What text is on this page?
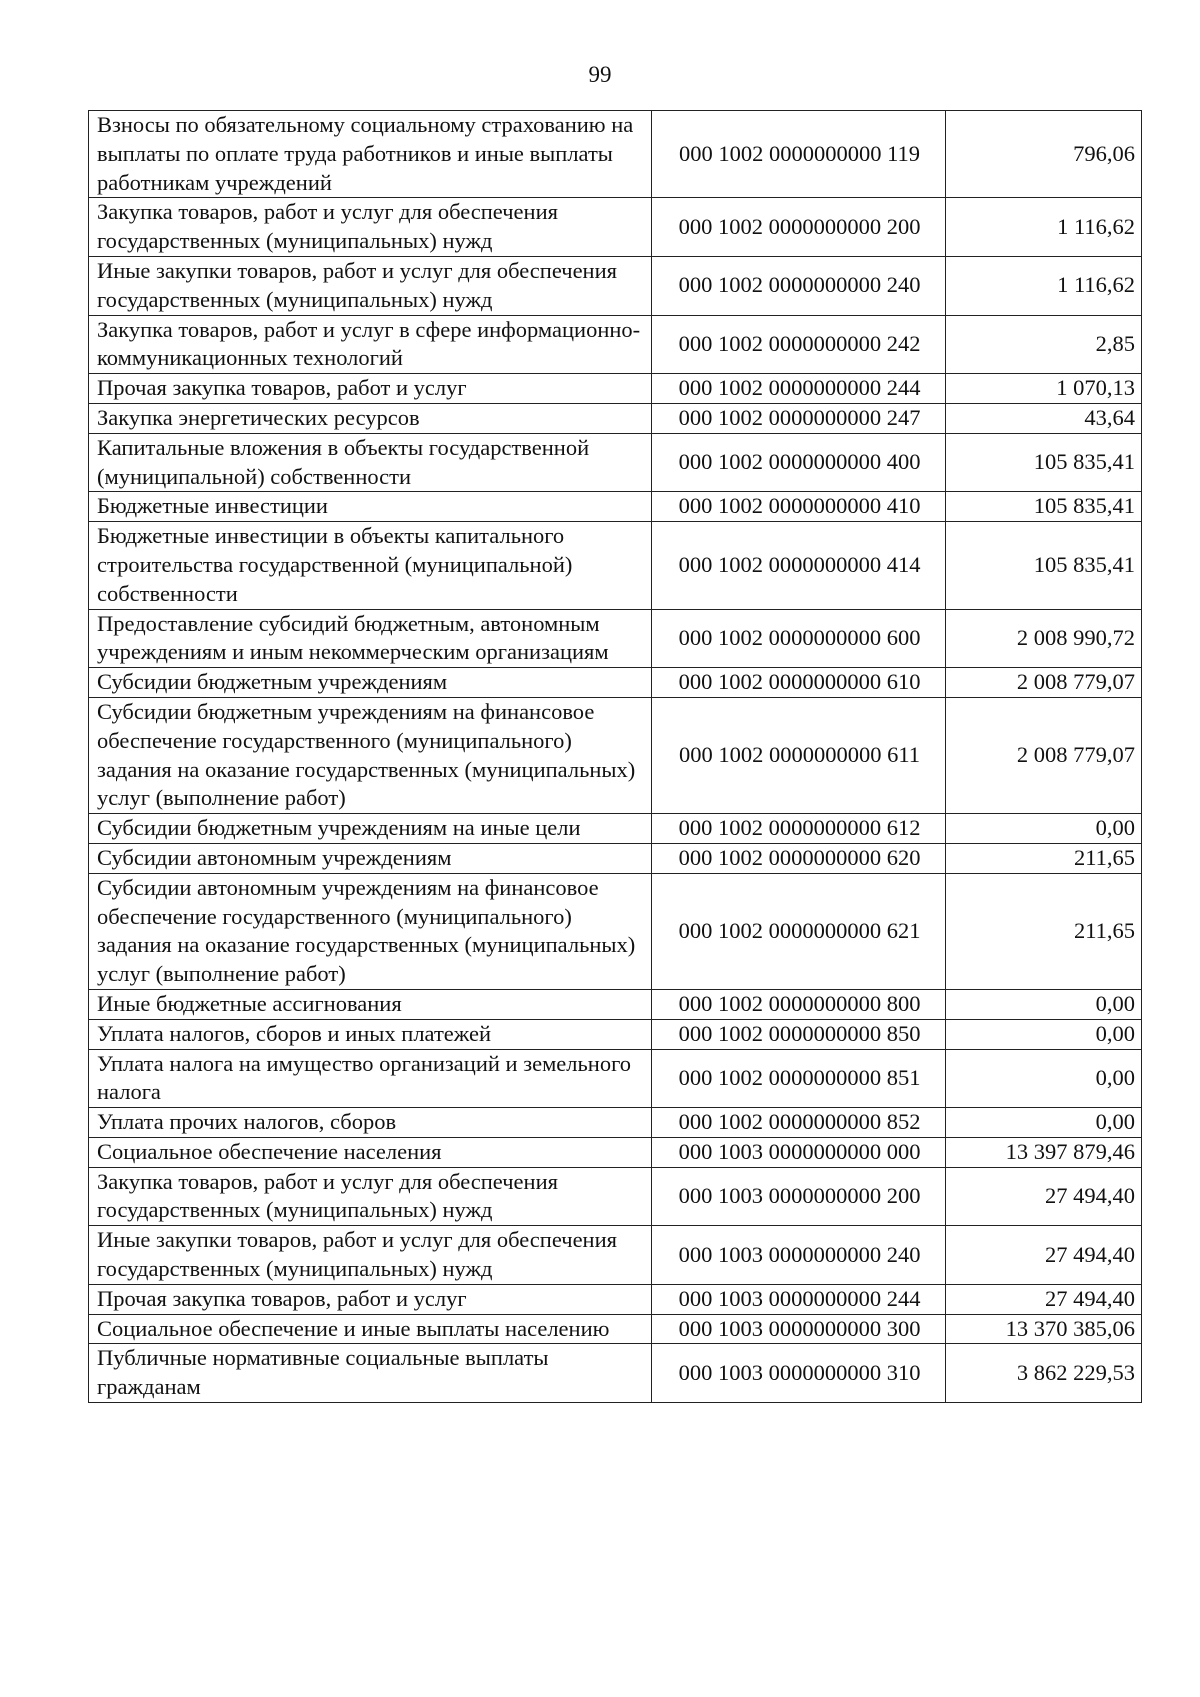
99
Взносы по обязательному социальному страхованию на выплаты по оплате труда работников и иные выплаты работникам учреждений	000 1002 0000000000 119	796,06
Закупка товаров, работ и услуг для обеспечения государственных (муниципальных) нужд	000 1002 0000000000 200	1 116,62
Иные закупки товаров, работ и услуг для обеспечения государственных (муниципальных) нужд	000 1002 0000000000 240	1 116,62
Закупка товаров, работ и услуг в сфере информационно-коммуникационных технологий	000 1002 0000000000 242	2,85
Прочая закупка товаров, работ и услуг	000 1002 0000000000 244	1 070,13
Закупка энергетических ресурсов	000 1002 0000000000 247	43,64
Капитальные вложения в объекты государственной (муниципальной) собственности	000 1002 0000000000 400	105 835,41
Бюджетные инвестиции	000 1002 0000000000 410	105 835,41
Бюджетные инвестиции в объекты капитального строительства государственной (муниципальной) собственности	000 1002 0000000000 414	105 835,41
Предоставление субсидий бюджетным, автономным учреждениям и иным некоммерческим организациям	000 1002 0000000000 600	2 008 990,72
Субсидии бюджетным учреждениям	000 1002 0000000000 610	2 008 779,07
Субсидии бюджетным учреждениям на финансовое обеспечение государственного (муниципального) задания на оказание государственных (муниципальных) услуг (выполнение работ)	000 1002 0000000000 611	2 008 779,07
Субсидии бюджетным учреждениям на иные цели	000 1002 0000000000 612	0,00
Субсидии автономным учреждениям	000 1002 0000000000 620	211,65
Субсидии автономным учреждениям на финансовое обеспечение государственного (муниципального) задания на оказание государственных (муниципальных) услуг (выполнение работ)	000 1002 0000000000 621	211,65
Иные бюджетные ассигнования	000 1002 0000000000 800	0,00
Уплата налогов, сборов и иных платежей	000 1002 0000000000 850	0,00
Уплата налога на имущество организаций и земельного налога	000 1002 0000000000 851	0,00
Уплата прочих налогов, сборов	000 1002 0000000000 852	0,00
Социальное обеспечение населения	000 1003 0000000000 000	13 397 879,46
Закупка товаров, работ и услуг для обеспечения государственных (муниципальных) нужд	000 1003 0000000000 200	27 494,40
Иные закупки товаров, работ и услуг для обеспечения государственных (муниципальных) нужд	000 1003 0000000000 240	27 494,40
Прочая закупка товаров, работ и услуг	000 1003 0000000000 244	27 494,40
Социальное обеспечение и иные выплаты населению	000 1003 0000000000 300	13 370 385,06
Публичные нормативные социальные выплаты гражданам	000 1003 0000000000 310	3 862 229,53
